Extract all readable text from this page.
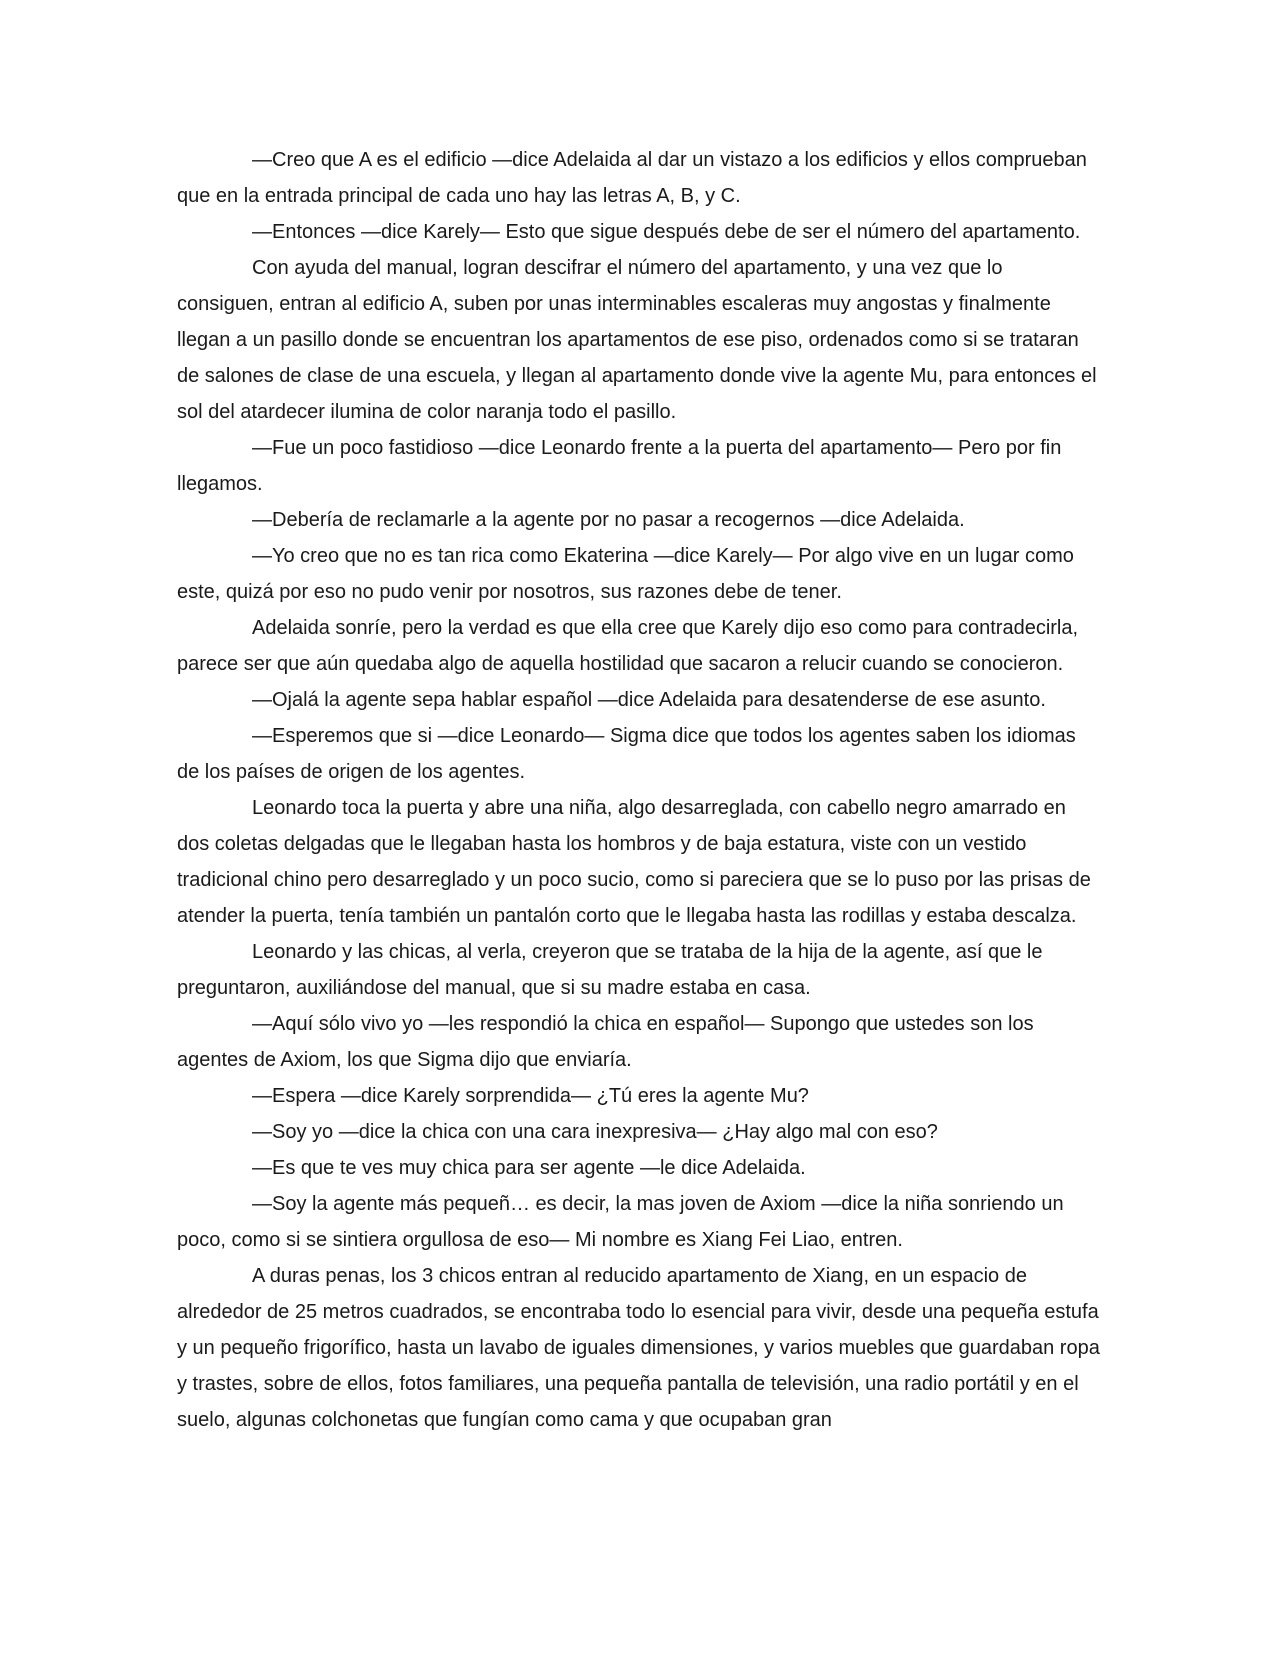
—Creo que A es el edificio —dice Adelaida al dar un vistazo a los edificios y ellos comprueban que en la entrada principal de cada uno hay las letras A, B, y C.

—Entonces —dice Karely— Esto que sigue después debe de ser el número del apartamento.

Con ayuda del manual, logran descifrar el número del apartamento, y una vez que lo consiguen, entran al edificio A, suben por unas interminables escaleras muy angostas y finalmente llegan a un pasillo donde se encuentran los apartamentos de ese piso, ordenados como si se trataran de salones de clase de una escuela, y llegan al apartamento donde vive la agente Mu, para entonces el sol del atardecer ilumina de color naranja todo el pasillo.

—Fue un poco fastidioso —dice Leonardo frente a la puerta del apartamento— Pero por fin llegamos.

—Debería de reclamarle a la agente por no pasar a recogernos —dice Adelaida.

—Yo creo que no es tan rica como Ekaterina —dice Karely— Por algo vive en un lugar como este, quizá por eso no pudo venir por nosotros, sus razones debe de tener.

Adelaida sonríe, pero la verdad es que ella cree que Karely dijo eso como para contradecirla, parece ser que aún quedaba algo de aquella hostilidad que sacaron a relucir cuando se conocieron.

—Ojalá la agente sepa hablar español —dice Adelaida para desatenderse de ese asunto.

—Esperemos que si —dice Leonardo— Sigma dice que todos los agentes saben los idiomas de los países de origen de los agentes.

Leonardo toca la puerta y abre una niña, algo desarreglada, con cabello negro amarrado en dos coletas delgadas que le llegaban hasta los hombros y de baja estatura, viste con un vestido tradicional chino pero desarreglado y un poco sucio, como si pareciera que se lo puso por las prisas de atender la puerta, tenía también un pantalón corto que le llegaba hasta las rodillas y estaba descalza.

Leonardo y las chicas, al verla, creyeron que se trataba de la hija de la agente, así que le preguntaron, auxiliándose del manual, que si su madre estaba en casa.

—Aquí sólo vivo yo —les respondió la chica en español— Supongo que ustedes son los agentes de Axiom, los que Sigma dijo que enviaría.

—Espera —dice Karely sorprendida— ¿Tú eres la agente Mu?

—Soy yo —dice la chica con una cara inexpresiva— ¿Hay algo mal con eso?

—Es que te ves muy chica para ser agente —le dice Adelaida.

—Soy la agente más pequeñ… es decir, la mas joven de Axiom —dice la niña sonriendo un poco, como si se sintiera orgullosa de eso— Mi nombre es Xiang Fei Liao, entren.

A duras penas, los 3 chicos entran al reducido apartamento de Xiang, en un espacio de alrededor de 25 metros cuadrados, se encontraba todo lo esencial para vivir, desde una pequeña estufa y un pequeño frigorífico, hasta un lavabo de iguales dimensiones, y varios muebles que guardaban ropa y trastes, sobre de ellos, fotos familiares, una pequeña pantalla de televisión, una radio portátil y en el suelo, algunas colchonetas que fungían como cama y que ocupaban gran
